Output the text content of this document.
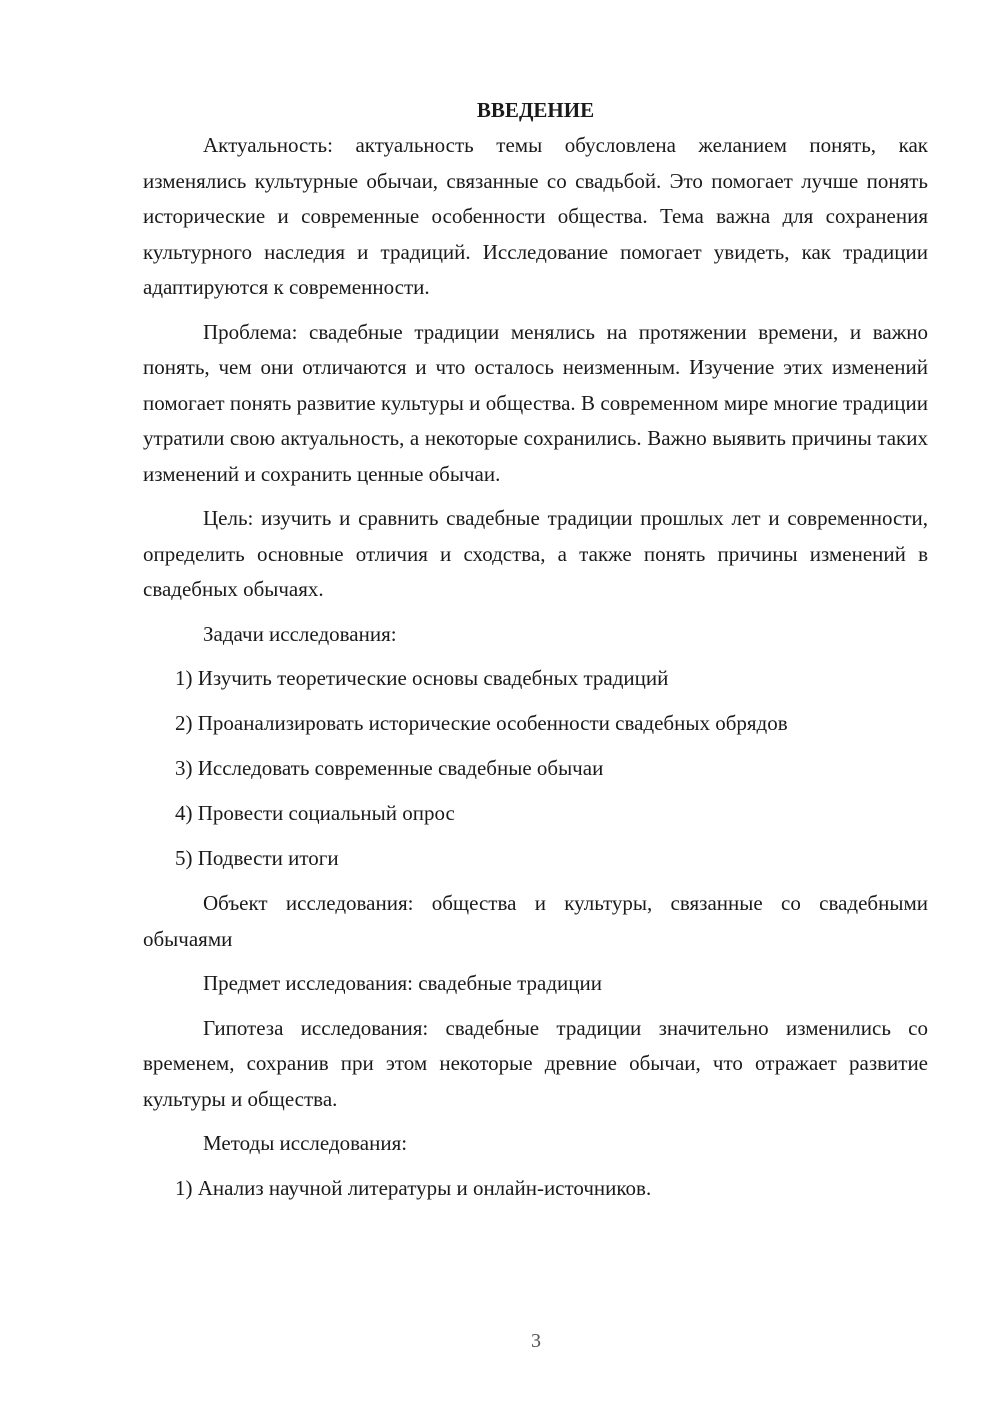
ВВЕДЕНИЕ

Актуальность: актуальность темы обусловлена желанием понять, как изменялись культурные обычаи, связанные со свадьбой. Это помогает лучше понять исторические и современные особенности общества. Тема важна для сохранения культурного наследия и традиций. Исследование помогает увидеть, как традиции адаптируются к современности.

Проблема: свадебные традиции менялись на протяжении времени, и важно понять, чем они отличаются и что осталось неизменным. Изучение этих изменений помогает понять развитие культуры и общества. В современном мире многие традиции утратили свою актуальность, а некоторые сохранились. Важно выявить причины таких изменений и сохранить ценные обычаи.

Цель: изучить и сравнить свадебные традиции прошлых лет и современности, определить основные отличия и сходства, а также понять причины изменений в свадебных обычаях.

Задачи исследования:

1) Изучить теоретические основы свадебных традиций
2) Проанализировать исторические особенности свадебных обрядов
3) Исследовать современные свадебные обычаи
4) Провести социальный опрос
5) Подвести итоги

Объект исследования: общества и культуры, связанные со свадебными обычаями

Предмет исследования: свадебные традиции

Гипотеза исследования: свадебные традиции значительно изменились со временем, сохранив при этом некоторые древние обычаи, что отражает развитие культуры и общества.

Методы исследования:

1) Анализ научной литературы и онлайн-источников.
3
